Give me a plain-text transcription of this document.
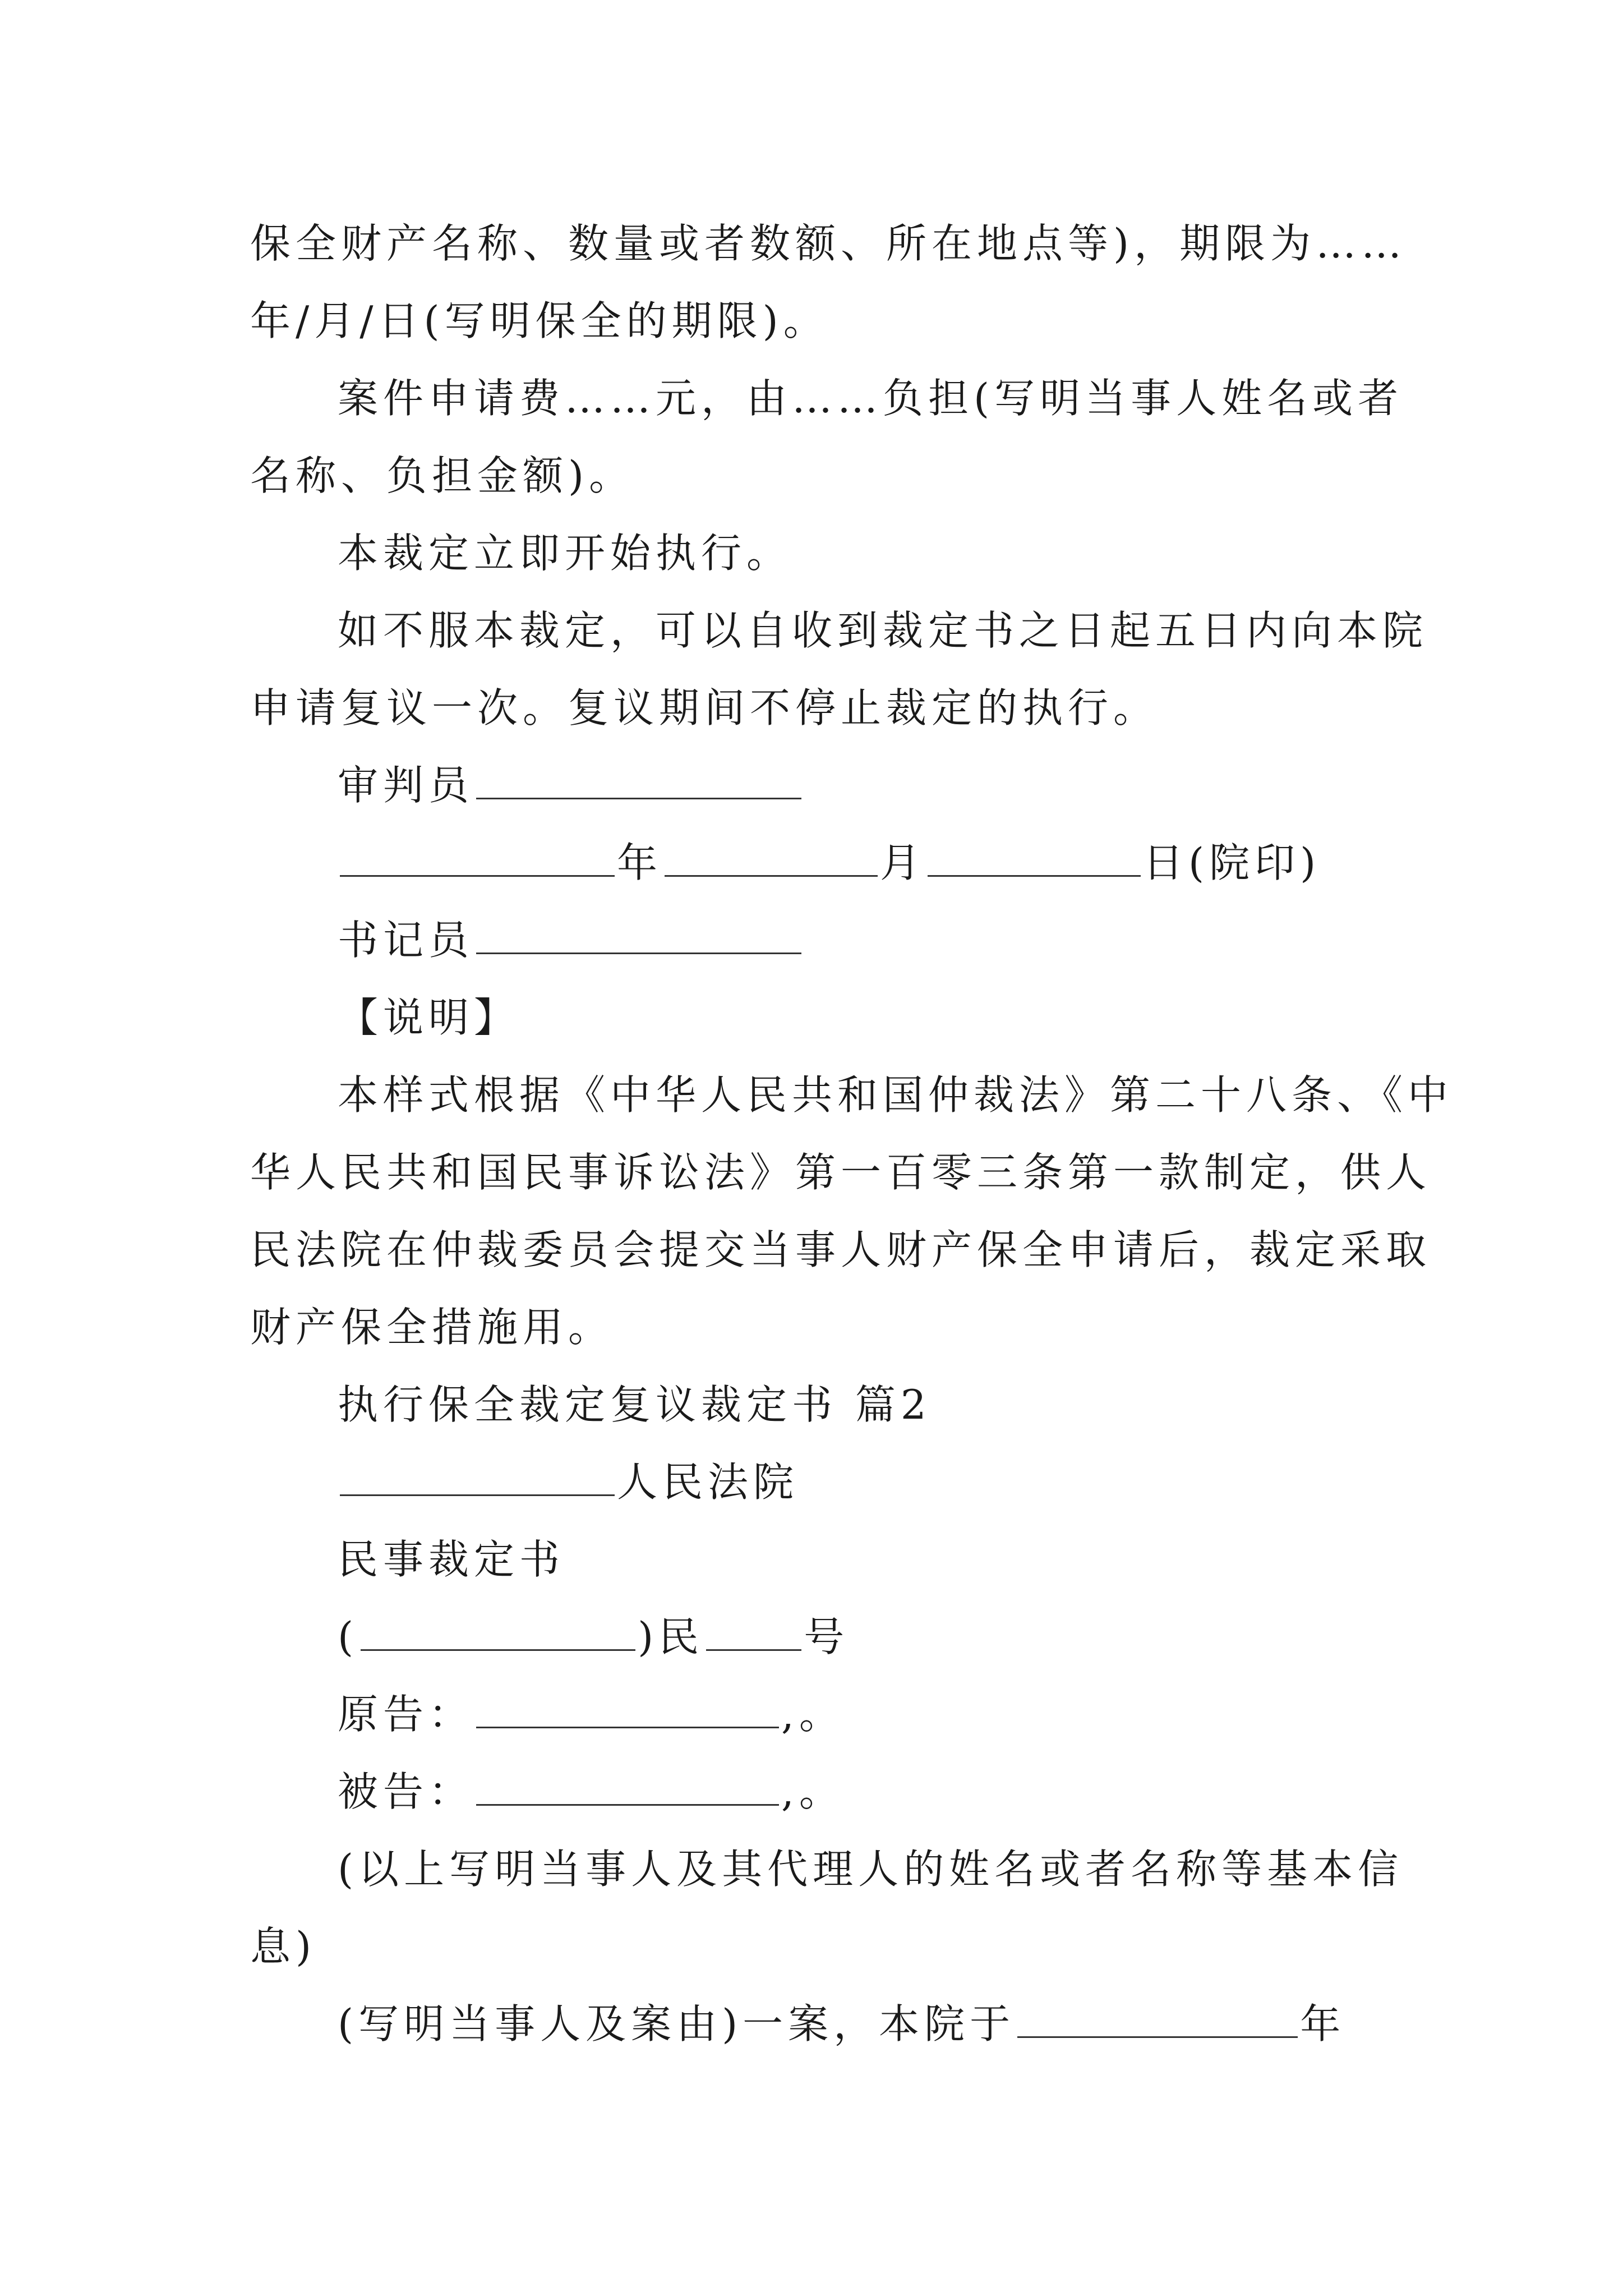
保全财产名称、数量或者数额、所在地点等)，期限为……
年/月/日(写明保全的期限)。
案件申请费……元，由……负担(写明当事人姓名或者
名称、负担金额)。
本裁定立即开始执行。
如不服本裁定，可以自收到裁定书之日起五日内向本院
申请复议一次。复议期间不停止裁定的执行。
审判员
年	月	日(院印)
书记员
【说明】
本样式根据《中华人民共和国仲裁法》第二十八条、《中
华人民共和国民事诉讼法》第一百零三条第一款制定，供人
民法院在仲裁委员会提交当事人财产保全申请后，裁定采取
财产保全措施用。
执行保全裁定复议裁定书 篇2
人民法院
民事裁定书
(	)民 号
原告：	,。
被告：	,。
(以上写明当事人及其代理人的姓名或者名称等基本信
息)
(写明当事人及案由)一案，本院于	年
